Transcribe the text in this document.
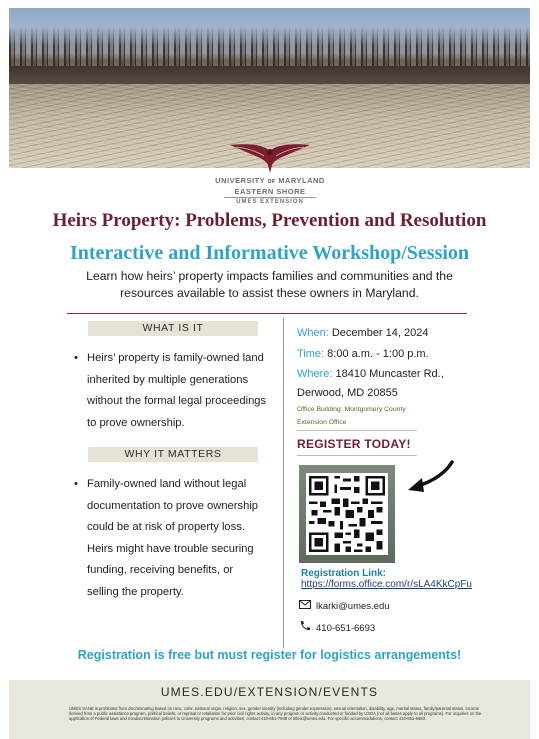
UNIVERSITY OF MARYLAND
EASTERN SHORE
UMES EXTENSION
Heirs Property: Problems, Prevention and Resolution
Interactive and Informative Workshop/Session
Learn how heirs’ property impacts families and communities and the
resources available to assist these owners in Maryland.
WHAT IS IT
• Heirs’ property is family-owned land
inherited by multiple generations
without the formal legal proceedings
to prove ownership.
WHY IT MATTERS
• Family-owned land without legal
documentation to prove ownership
could be at risk of property loss.
Heirs might have trouble securing
funding, receiving benefits, or
selling the property.
When: December 14, 2024
Time: 8:00 a.m. - 1:00 p.m.
Where: 18410 Muncaster Rd.,
Derwood, MD 20855
Office Building: Montgomery County
Extension Office
REGISTER TODAY!
Registration Link:
https://forms.office.com/r/sLA4KkCpFu
lkarki@umes.edu
410-651-6693
Registration is free but must register for logistics arrangements!
UMES.EDU/EXTENSION/EVENTS
UMES SANE is prohibited from discriminating based on race, color, national origin, religion, sex, gender identity (including gender expression), sexual orientation, disability, age, marital status, family/parental status, income derived from a public assistance program, political beliefs, or reprisal or retaliation for prior civil rights activity, in any program or activity conducted or funded by USDA (not all bases apply to all programs). For inquiries on the application of Federal laws and nondiscrimination policies to University programs and activities, contact 410-651-7949 or titleix@umes.edu. For specific accommodations, contact 410-651-6693.
